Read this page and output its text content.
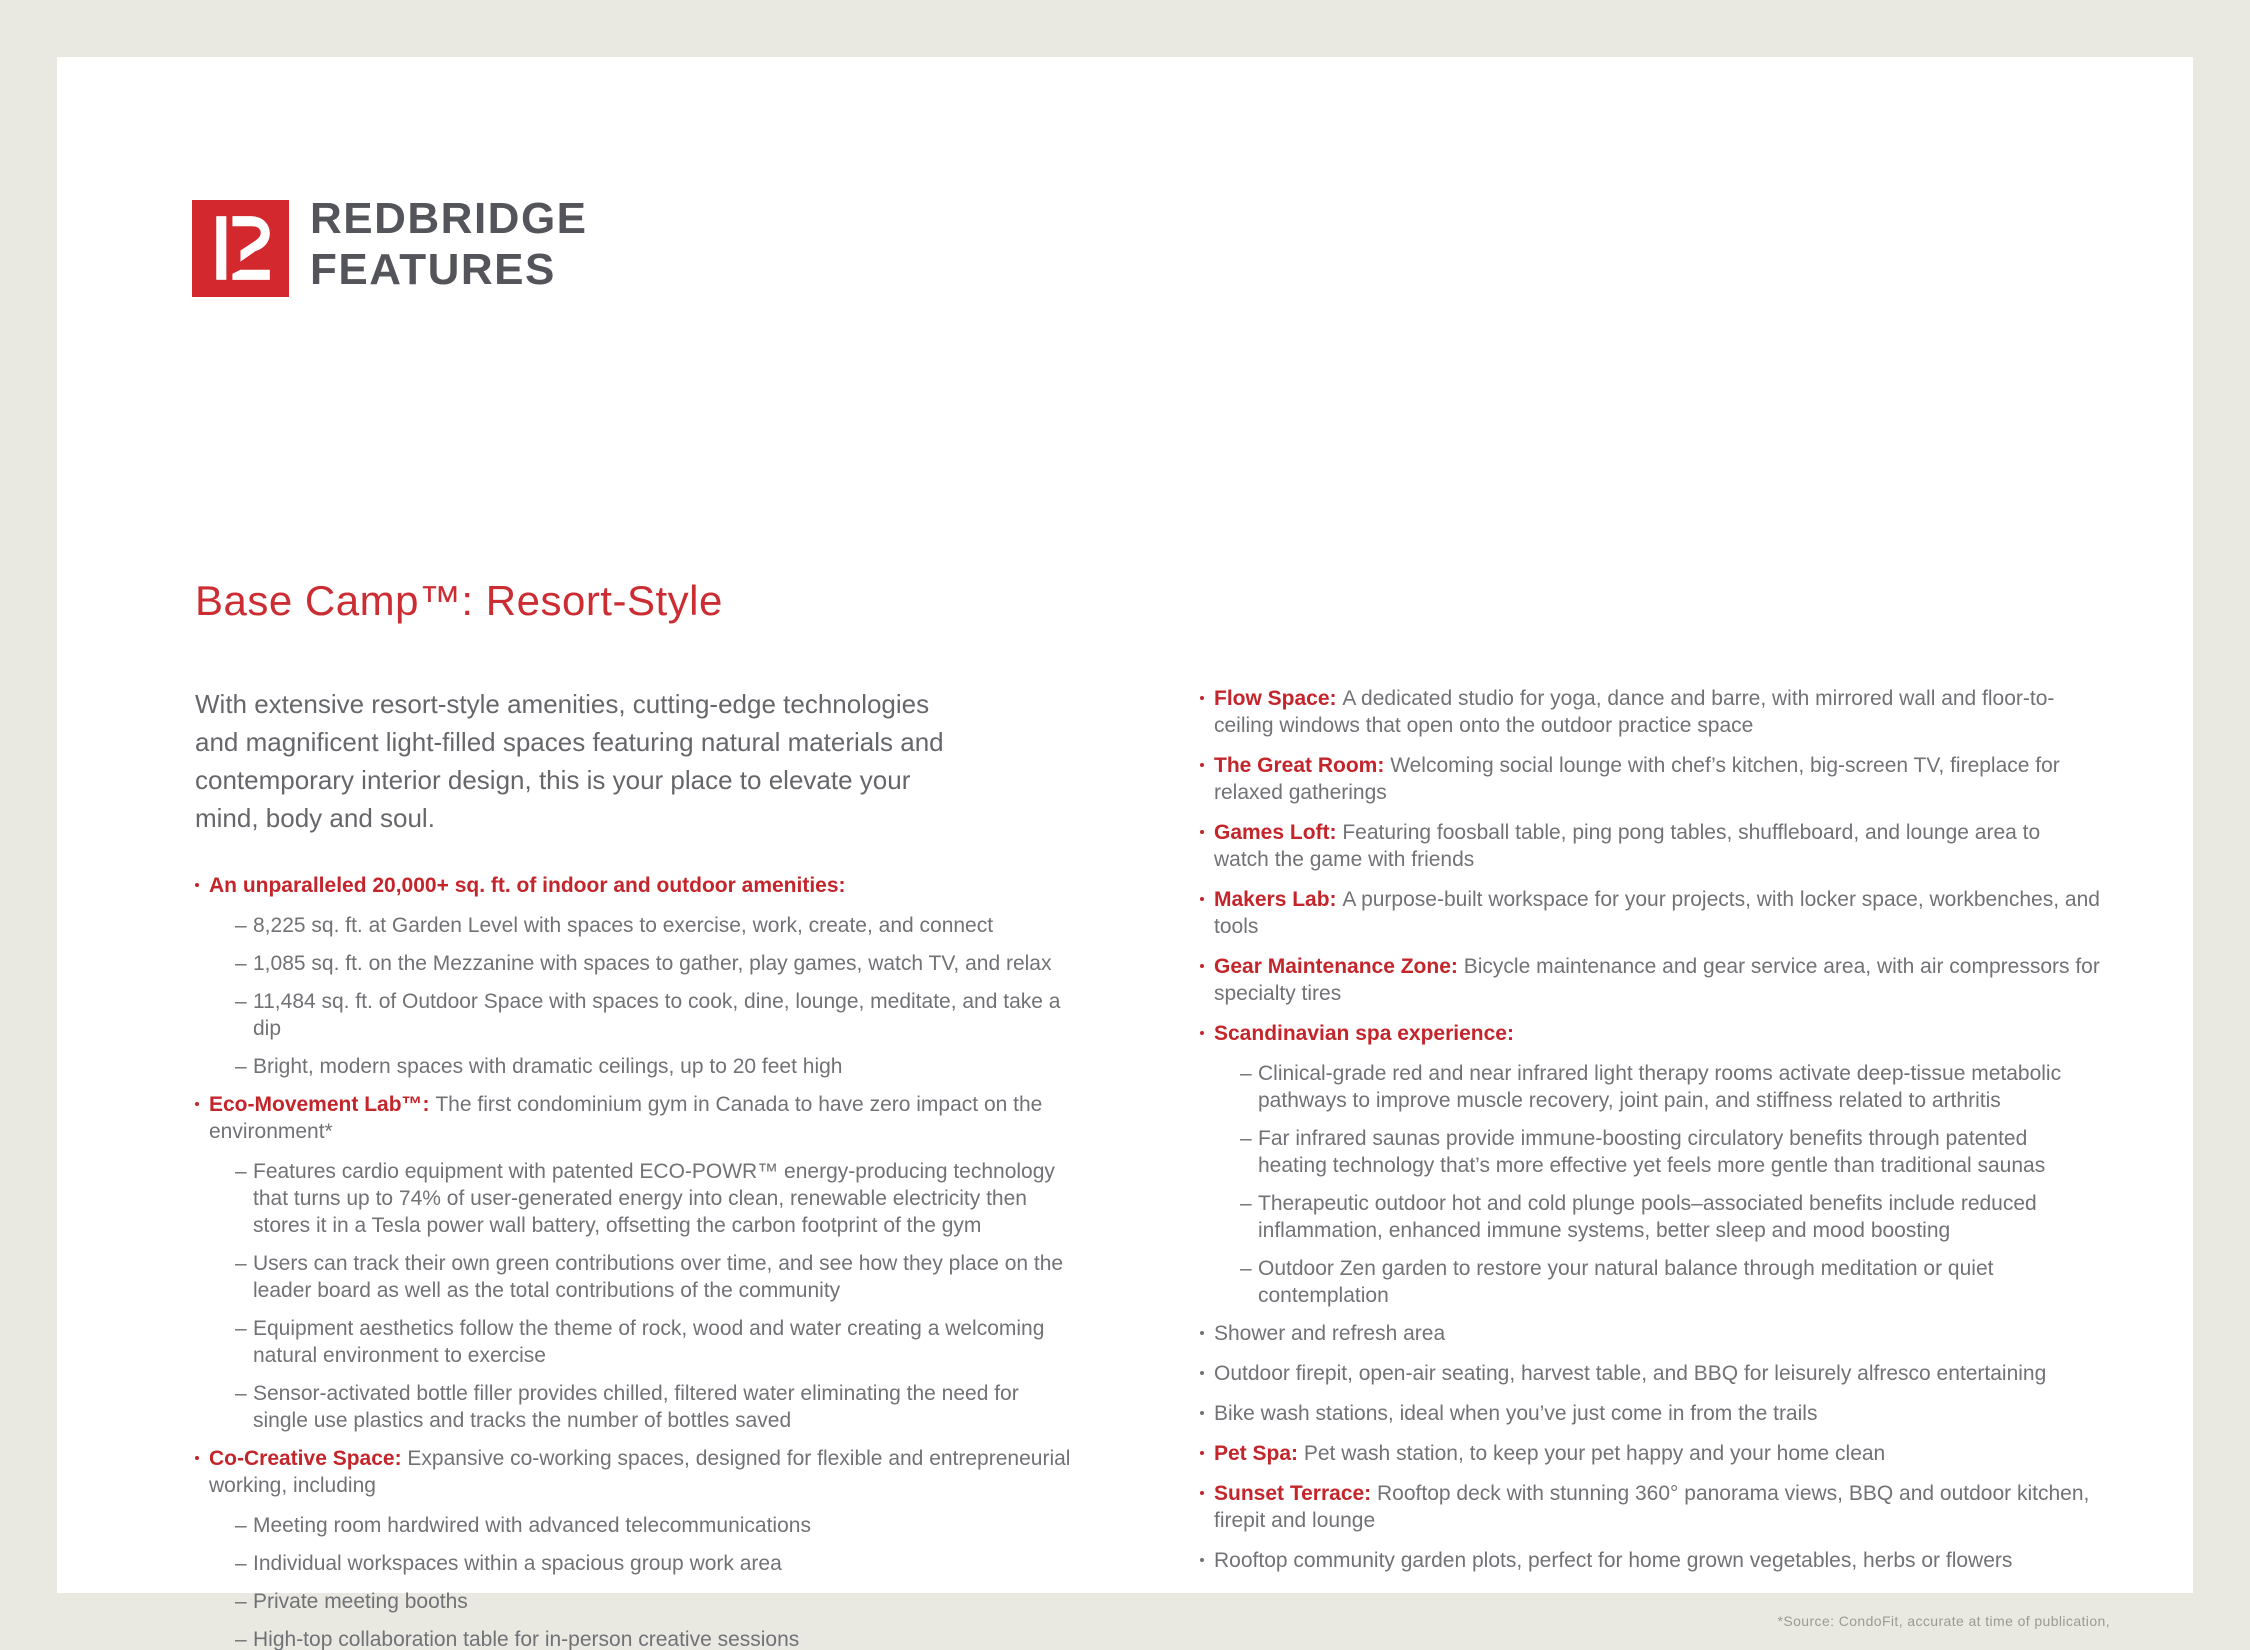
REDBRIDGE
FEATURES
Base Camp™: Resort-Style

With extensive resort-style amenities, cutting-edge technologies and magnificent light-filled spaces featuring natural materials and contemporary interior design, this is your place to elevate your mind, body and soul.

An unparalleled 20,000+ sq. ft. of indoor and outdoor amenities:
– 8,225 sq. ft. at Garden Level with spaces to exercise, work, create, and connect
– 1,085 sq. ft. on the Mezzanine with spaces to gather, play games, watch TV, and relax
– 11,484 sq. ft. of Outdoor Space with spaces to cook, dine, lounge, meditate, and take a dip
– Bright, modern spaces with dramatic ceilings, up to 20 feet high
Eco-Movement Lab™: The first condominium gym in Canada to have zero impact on the environment*
– Features cardio equipment with patented ECO-POWR™ energy-producing technology that turns up to 74% of user-generated energy into clean, renewable electricity then stores it in a Tesla power wall battery, offsetting the carbon footprint of the gym
– Users can track their own green contributions over time, and see how they place on the leader board as well as the total contributions of the community
– Equipment aesthetics follow the theme of rock, wood and water creating a welcoming natural environment to exercise
– Sensor-activated bottle filler provides chilled, filtered water eliminating the need for single use plastics and tracks the number of bottles saved
Co-Creative Space: Expansive co-working spaces, designed for flexible and entrepreneurial working, including
– Meeting room hardwired with advanced telecommunications
– Individual workspaces within a spacious group work area
– Private meeting booths
– High-top collaboration table for in-person creative sessions
Flow Space: A dedicated studio for yoga, dance and barre, with mirrored wall and floor-to-ceiling windows that open onto the outdoor practice space
The Great Room: Welcoming social lounge with chef’s kitchen, big-screen TV, fireplace for relaxed gatherings
Games Loft: Featuring foosball table, ping pong tables, shuffleboard, and lounge area to watch the game with friends
Makers Lab: A purpose-built workspace for your projects, with locker space, workbenches, and tools
Gear Maintenance Zone: Bicycle maintenance and gear service area, with air compressors for specialty tires
Scandinavian spa experience:
– Clinical-grade red and near infrared light therapy rooms activate deep-tissue metabolic pathways to improve muscle recovery, joint pain, and stiffness related to arthritis
– Far infrared saunas provide immune-boosting circulatory benefits through patented heating technology that’s more effective yet feels more gentle than traditional saunas
– Therapeutic outdoor hot and cold plunge pools–associated benefits include reduced inflammation, enhanced immune systems, better sleep and mood boosting
– Outdoor Zen garden to restore your natural balance through meditation or quiet contemplation
Shower and refresh area
Outdoor firepit, open-air seating, harvest table, and BBQ for leisurely alfresco entertaining
Bike wash stations, ideal when you’ve just come in from the trails
Pet Spa: Pet wash station, to keep your pet happy and your home clean
Sunset Terrace: Rooftop deck with stunning 360° panorama views, BBQ and outdoor kitchen, firepit and lounge
Rooftop community garden plots, perfect for home grown vegetables, herbs or flowers
*Source: CondoFit, accurate at time of publication,
